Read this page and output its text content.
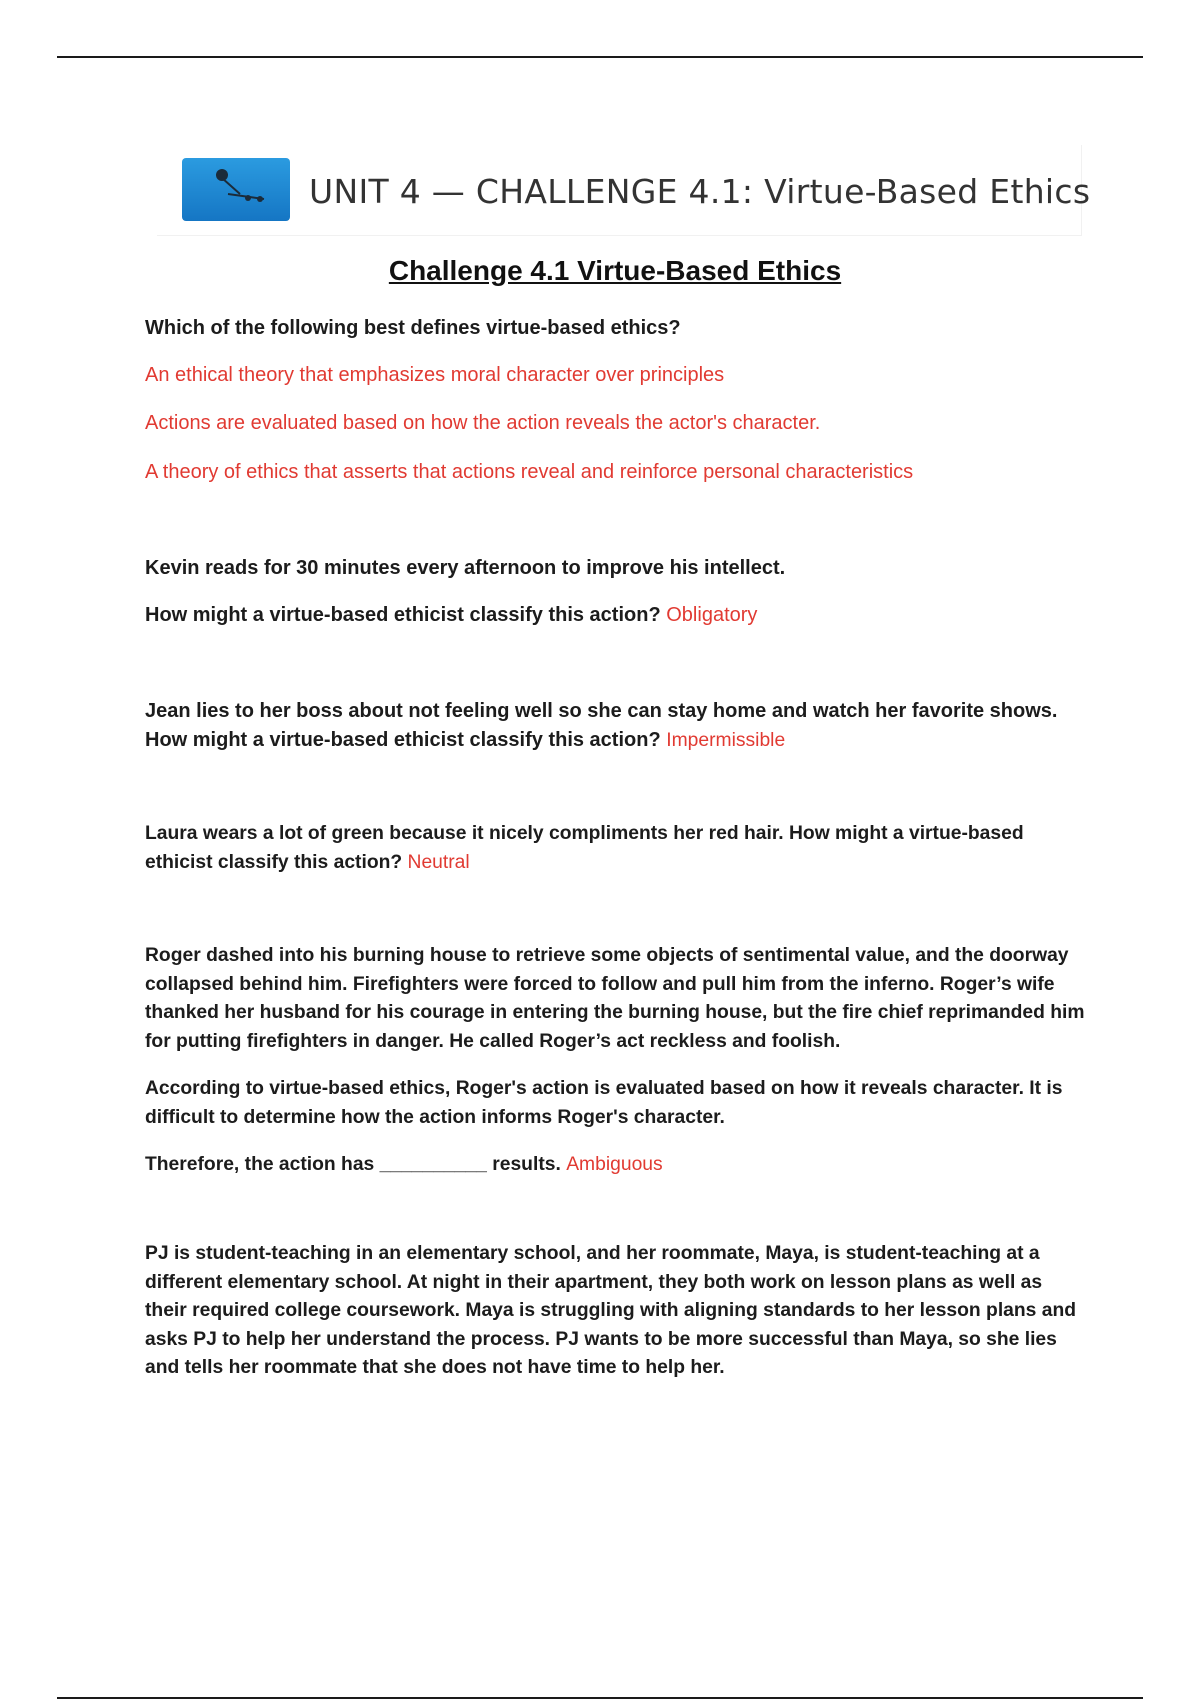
UNIT 4 — CHALLENGE 4.1: Virtue-Based Ethics
Challenge 4.1 Virtue-Based Ethics
Which of the following best defines virtue-based ethics?
An ethical theory that emphasizes moral character over principles
Actions are evaluated based on how the action reveals the actor's character.
A theory of ethics that asserts that actions reveal and reinforce personal characteristics
Kevin reads for 30 minutes every afternoon to improve his intellect.
How might a virtue-based ethicist classify this action? Obligatory
Jean lies to her boss about not feeling well so she can stay home and watch her favorite shows. How might a virtue-based ethicist classify this action? Impermissible
Laura wears a lot of green because it nicely compliments her red hair. How might a virtue-based ethicist classify this action? Neutral
Roger dashed into his burning house to retrieve some objects of sentimental value, and the doorway collapsed behind him. Firefighters were forced to follow and pull him from the inferno. Roger’s wife thanked her husband for his courage in entering the burning house, but the fire chief reprimanded him for putting firefighters in danger. He called Roger’s act reckless and foolish.
According to virtue-based ethics, Roger's action is evaluated based on how it reveals character. It is difficult to determine how the action informs Roger's character.
Therefore, the action has __________ results. Ambiguous
PJ is student-teaching in an elementary school, and her roommate, Maya, is student-teaching at a different elementary school. At night in their apartment, they both work on lesson plans as well as their required college coursework. Maya is struggling with aligning standards to her lesson plans and asks PJ to help her understand the process. PJ wants to be more successful than Maya, so she lies and tells her roommate that she does not have time to help her.
